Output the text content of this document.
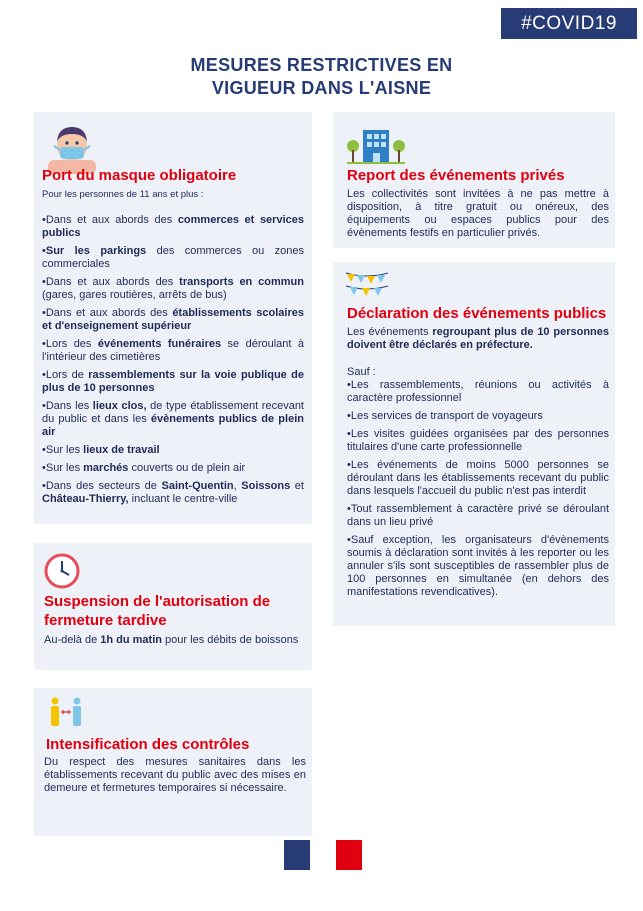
#COVID19
MESURES RESTRICTIVES EN
VIGUEUR DANS L'AISNE
Port du masque obligatoire

Pour les personnes de 11 ans et plus :

• Dans et aux abords des commerces et services publics
• Sur les parkings des commerces ou zones commerciales
• Dans et aux abords des transports en commun (gares, gares routières, arrêts de bus)
• Dans et aux abords des établissements scolaires et d'enseignement supérieur
• Lors des événements funéraires se déroulant à l'intérieur des cimetières
• Lors de rassemblements sur la voie publique de plus de 10 personnes
• Dans les lieux clos, de type établissement recevant du public et dans les évènements publics de plein air
• Sur les lieux de travail
• Sur les marchés couverts ou de plein air
• Dans des secteurs de Saint-Quentin, Soissons et Château-Thierry, incluant le centre-ville
Report des événements privés

Les collectivités sont invitées à ne pas mettre à disposition, à titre gratuit ou onéreux, des équipements ou espaces publics pour des évènements festifs en particulier privés.

Déclaration des événements publics

Les événements regroupant plus de 10 personnes doivent être déclarés en préfecture.

Sauf :

• Les rassemblements, réunions ou activités à caractère professionnel
• Les services de transport de voyageurs
• Les visites guidées organisées par des personnes titulaires d'une carte professionnelle
• Les événements de moins 5000 personnes se déroulant dans les établissements recevant du public dans lesquels l'accueil du public n'est pas interdit
• Tout rassemblement à caractère privé se déroulant dans un lieu privé
• Sauf exception, les organisateurs d'évènements soumis à déclaration sont invités à les reporter ou les annuler s'ils sont susceptibles de rassembler plus de 100 personnes en simultanée (en dehors des manifestations revendicatives).
Suspension de l'autorisation de fermeture tardive

Au-delà de 1h du matin pour les débits de boissons

Intensification des contrôles

Du respect des mesures sanitaires dans les établissements recevant du public avec des mises en demeure et fermetures temporaires si nécessaire.
